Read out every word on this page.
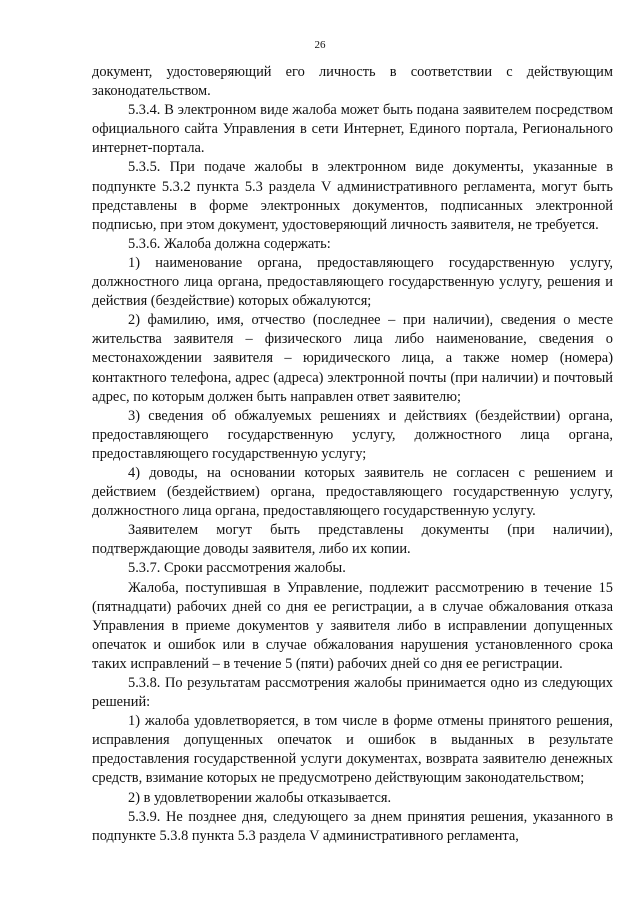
26

документ, удостоверяющий его личность в соответствии с действующим законодательством.

5.3.4. В электронном виде жалоба может быть подана заявителем посредством официального сайта Управления в сети Интернет, Единого портала, Регионального интернет-портала.

5.3.5. При подаче жалобы в электронном виде документы, указанные в подпункте 5.3.2 пункта 5.3 раздела V административного регламента, могут быть представлены в форме электронных документов, подписанных электронной подписью, при этом документ, удостоверяющий личность заявителя, не требуется.

5.3.6. Жалоба должна содержать:

1) наименование органа, предоставляющего государственную услугу, должностного лица органа, предоставляющего государственную услугу, решения и действия (бездействие) которых обжалуются;

2) фамилию, имя, отчество (последнее – при наличии), сведения о месте жительства заявителя – физического лица либо наименование, сведения о местонахождении заявителя – юридического лица, а также номер (номера) контактного телефона, адрес (адреса) электронной почты (при наличии) и почтовый адрес, по которым должен быть направлен ответ заявителю;

3) сведения об обжалуемых решениях и действиях (бездействии) органа, предоставляющего государственную услугу, должностного лица органа, предоставляющего государственную услугу;

4) доводы, на основании которых заявитель не согласен с решением и действием (бездействием) органа, предоставляющего государственную услугу, должностного лица органа, предоставляющего государственную услугу.

Заявителем могут быть представлены документы (при наличии), подтверждающие доводы заявителя, либо их копии.

5.3.7. Сроки рассмотрения жалобы.

Жалоба, поступившая в Управление, подлежит рассмотрению в течение 15 (пятнадцати) рабочих дней со дня ее регистрации, а в случае обжалования отказа Управления в приеме документов у заявителя либо в исправлении допущенных опечаток и ошибок или в случае обжалования нарушения установленного срока таких исправлений – в течение 5 (пяти) рабочих дней со дня ее регистрации.

5.3.8. По результатам рассмотрения жалобы принимается одно из следующих решений:

1) жалоба удовлетворяется, в том числе в форме отмены принятого решения, исправления допущенных опечаток и ошибок в выданных в результате предоставления государственной услуги документах, возврата заявителю денежных средств, взимание которых не предусмотрено действующим законодательством;

2) в удовлетворении жалобы отказывается.

5.3.9. Не позднее дня, следующего за днем принятия решения, указанного в подпункте 5.3.8 пункта 5.3 раздела V административного регламента,
